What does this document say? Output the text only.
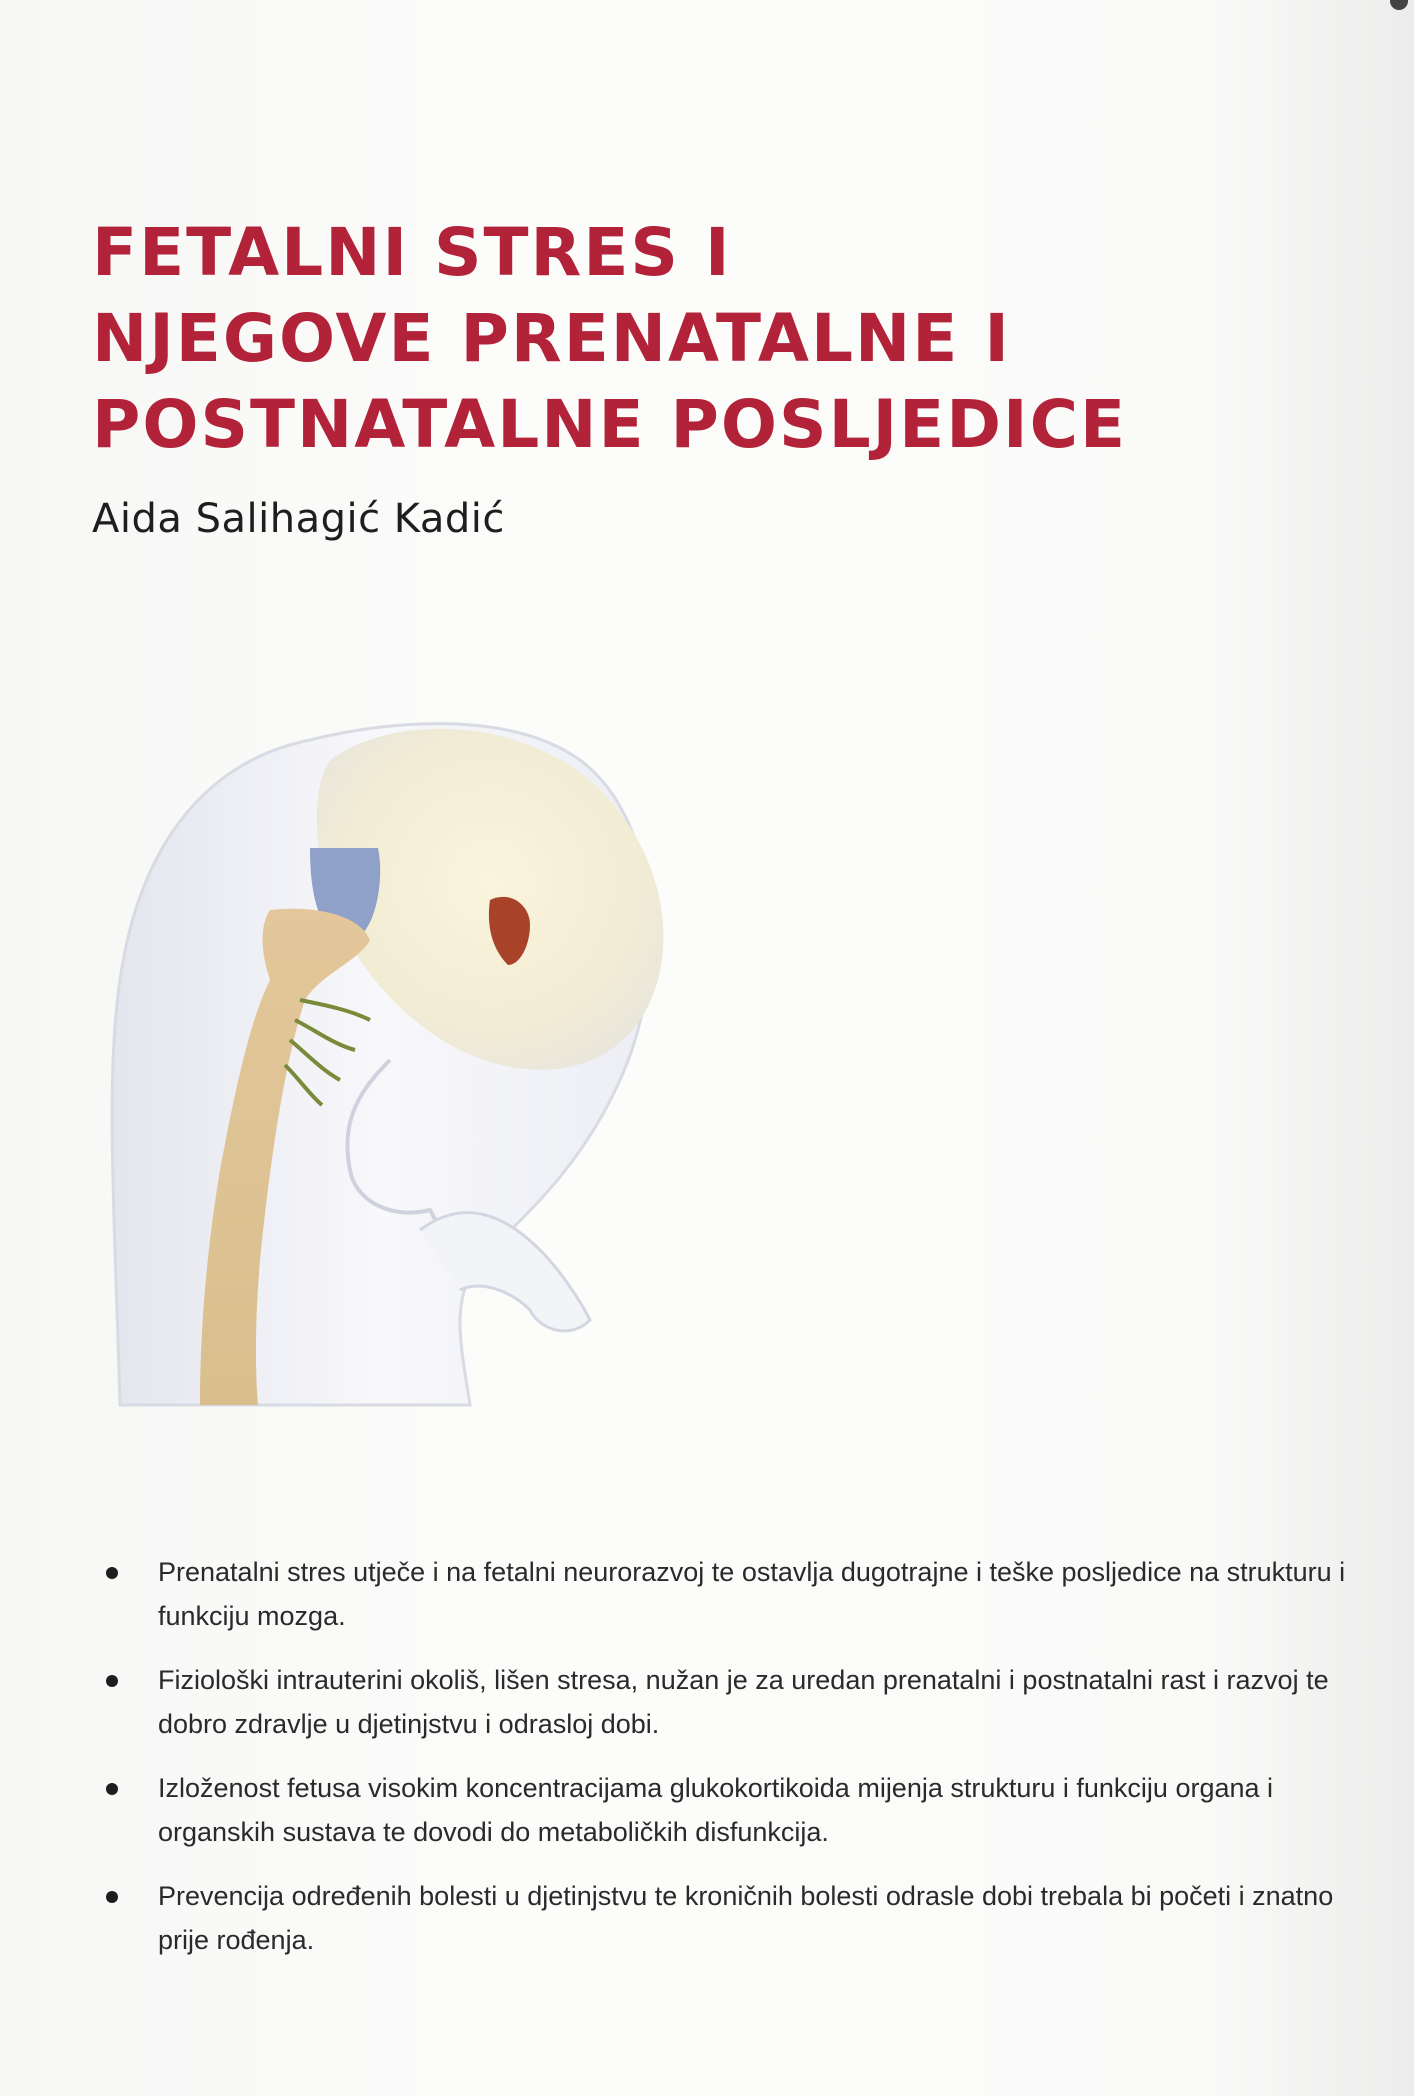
FETALNI STRES I
NJEGOVE PRENATALNE I
POSTNATALNE POSLJEDICE
Aida Salihagić Kadić
Prenatalni stres utječe i na fetalni neurorazvoj te ostavlja dugotrajne i teške posljedice na strukturu i funkciju mozga.
Fiziološki intrauterini okoliš, lišen stresa, nužan je za uredan prenatalni i postnatalni rast i razvoj te dobro zdravlje u djetinjstvu i odrasloj dobi.
Izloženost fetusa visokim koncentracijama glukokortikoida mijenja strukturu i funkciju organa i organskih sustava te dovodi do metaboličkih disfunkcija.
Prevencija određenih bolesti u djetinjstvu te kroničnih bolesti odrasle dobi trebala bi početi i znatno prije rođenja.
